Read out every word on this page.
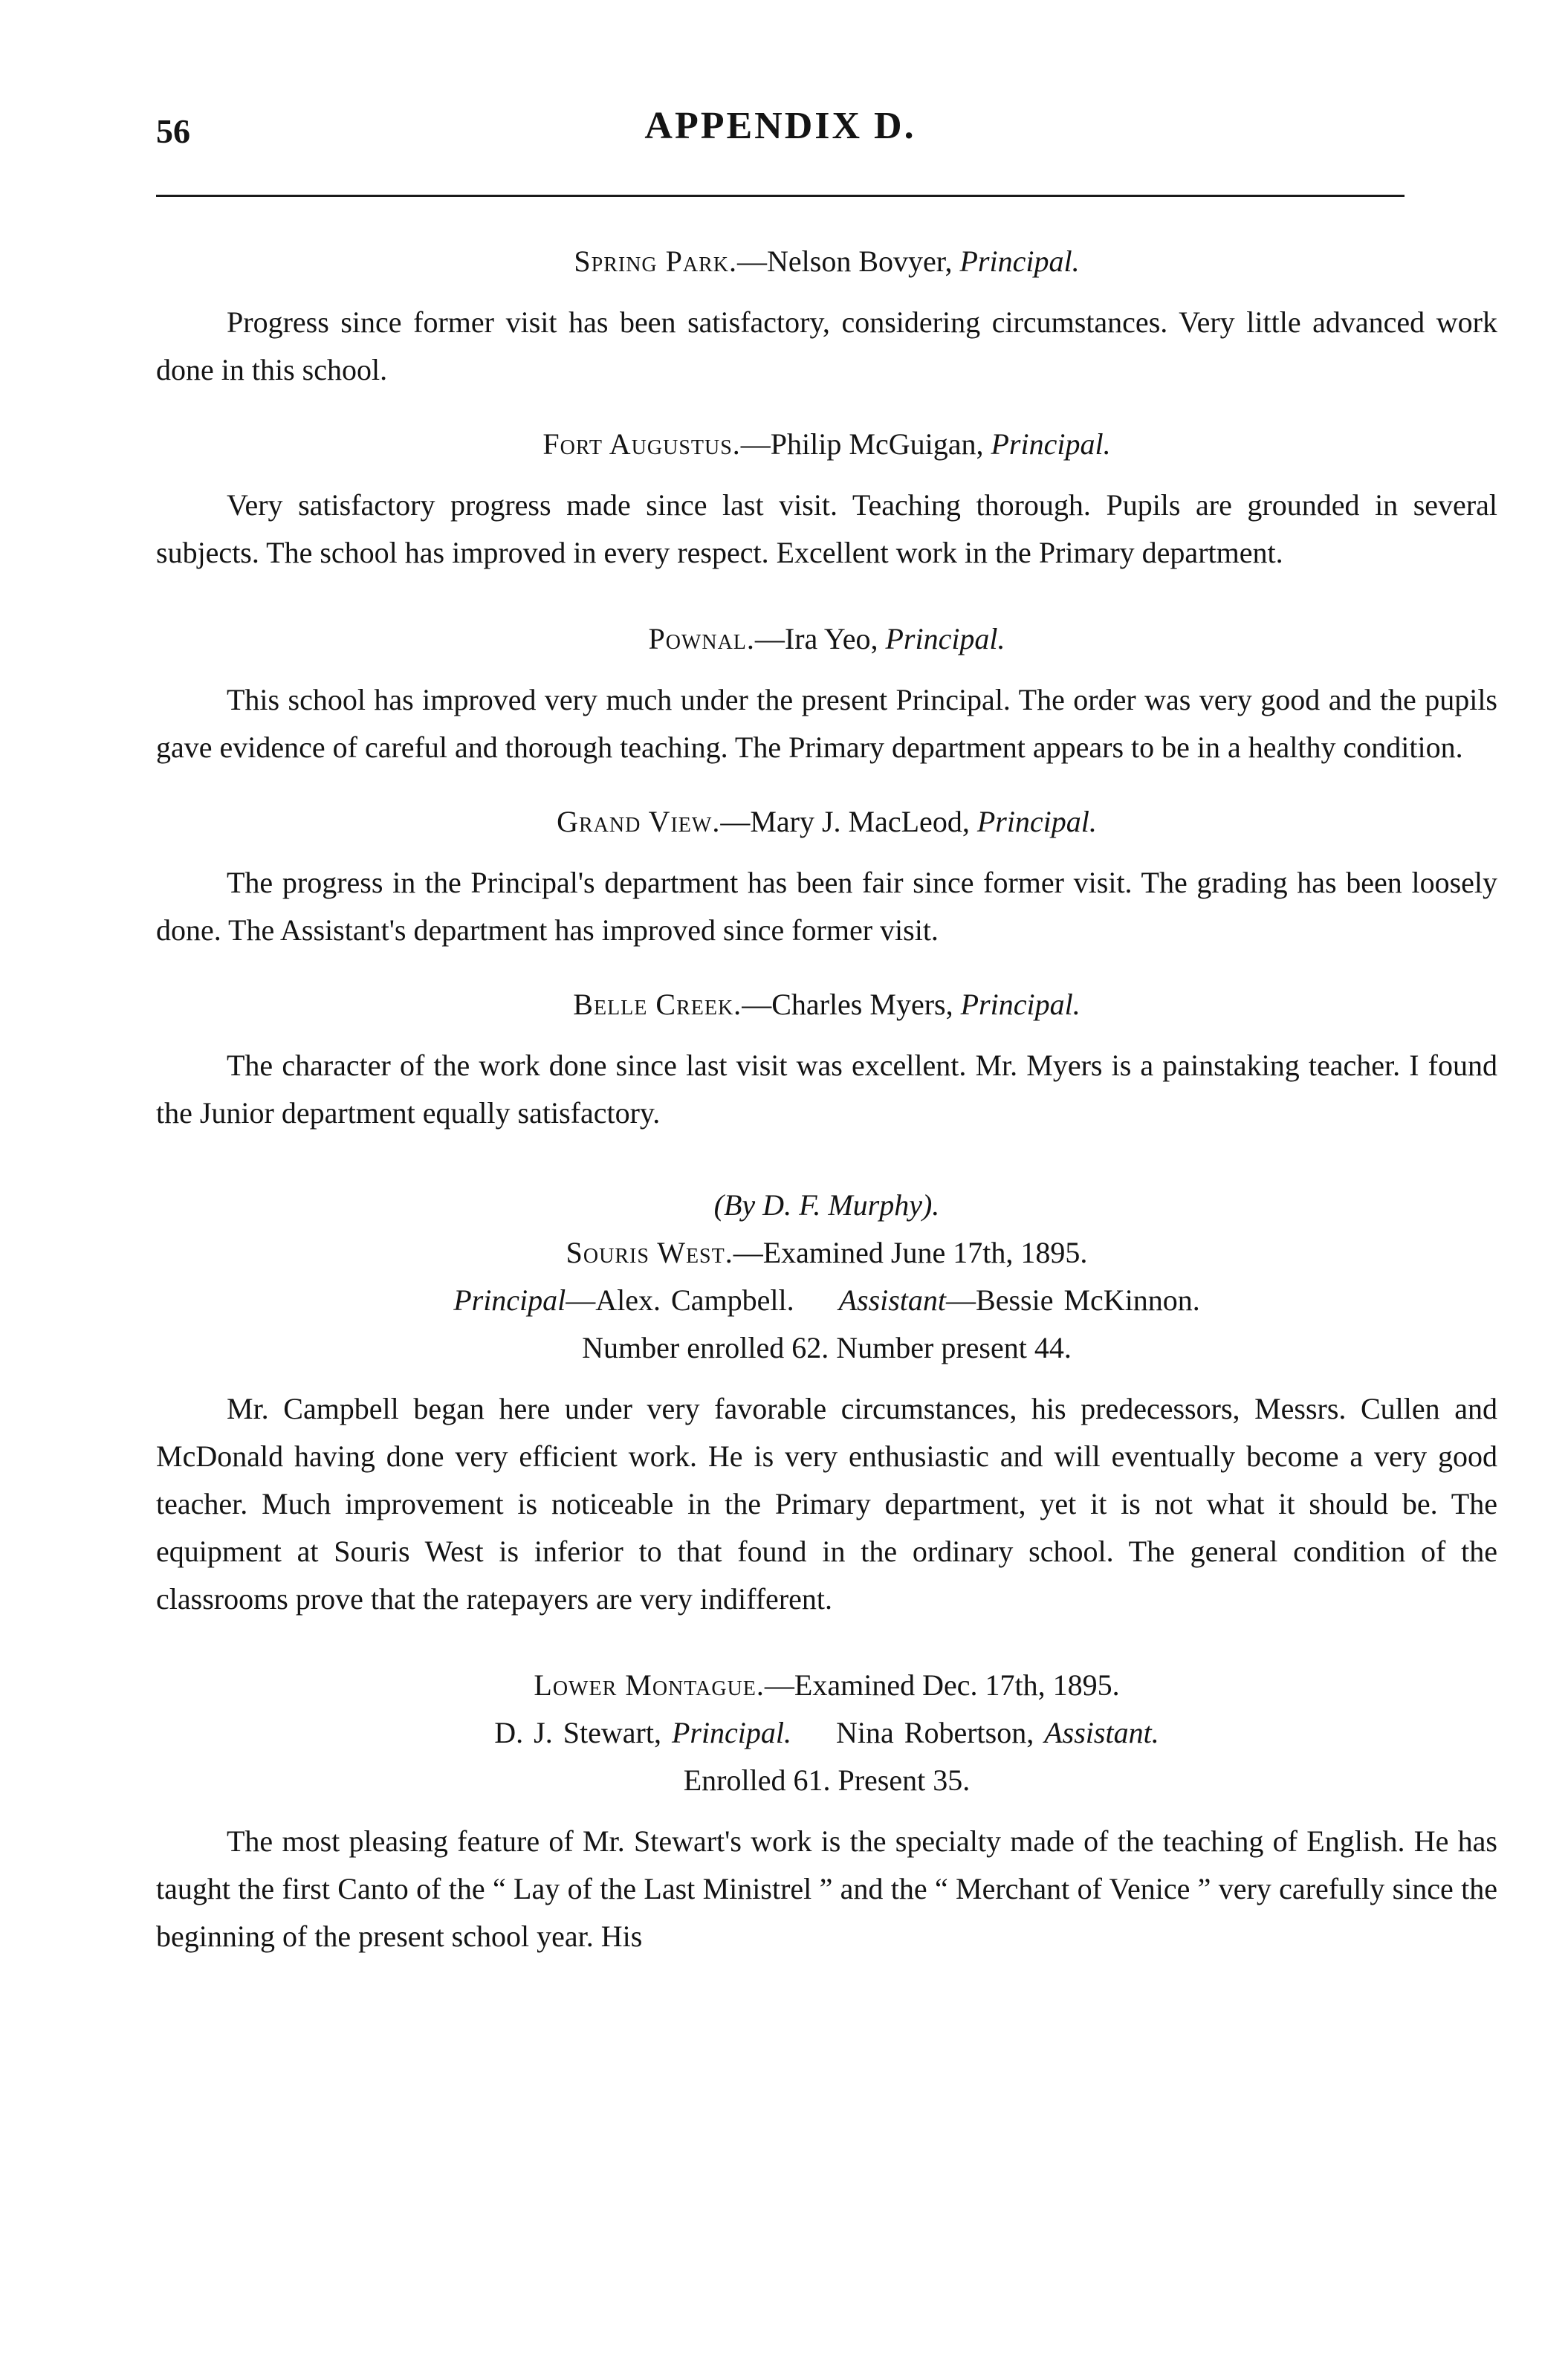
56	APPENDIX D.

Spring Park.—Nelson Bovyer, Principal.

Progress since former visit has been satisfactory, considering circumstances. Very little advanced work done in this school.

Fort Augustus.—Philip McGuigan, Principal.

Very satisfactory progress made since last visit. Teaching thorough. Pupils are grounded in several subjects. The school has improved in every respect. Excellent work in the Primary department.

Pownal.—Ira Yeo, Principal.

This school has improved very much under the present Principal. The order was very good and the pupils gave evidence of careful and thorough teaching. The Primary department appears to be in a healthy condition.

Grand View.—Mary J. MacLeod, Principal.

The progress in the Principal's department has been fair since former visit. The grading has been loosely done. The Assistant's department has improved since former visit.

Belle Creek.—Charles Myers, Principal.

The character of the work done since last visit was excellent. Mr. Myers is a painstaking teacher. I found the Junior department equally satisfactory.

(By D. F. Murphy).

Souris West.—Examined June 17th, 1895.

Principal—Alex. Campbell. Assistant—Bessie McKinnon.

Number enrolled 62. Number present 44.

Mr. Campbell began here under very favorable circumstances, his predecessors, Messrs. Cullen and McDonald having done very efficient work. He is very enthusiastic and will eventually become a very good teacher. Much improvement is noticeable in the Primary department, yet it is not what it should be. The equipment at Souris West is inferior to that found in the ordinary school. The general condition of the classrooms prove that the ratepayers are very indifferent.

Lower Montague.—Examined Dec. 17th, 1895.

D. J. Stewart, Principal. Nina Robertson, Assistant.

Enrolled 61. Present 35.

The most pleasing feature of Mr. Stewart's work is the specialty made of the teaching of English. He has taught the first Canto of the “ Lay of the Last Ministrel ” and the “ Merchant of Venice ” very carefully since the beginning of the present school year. His
